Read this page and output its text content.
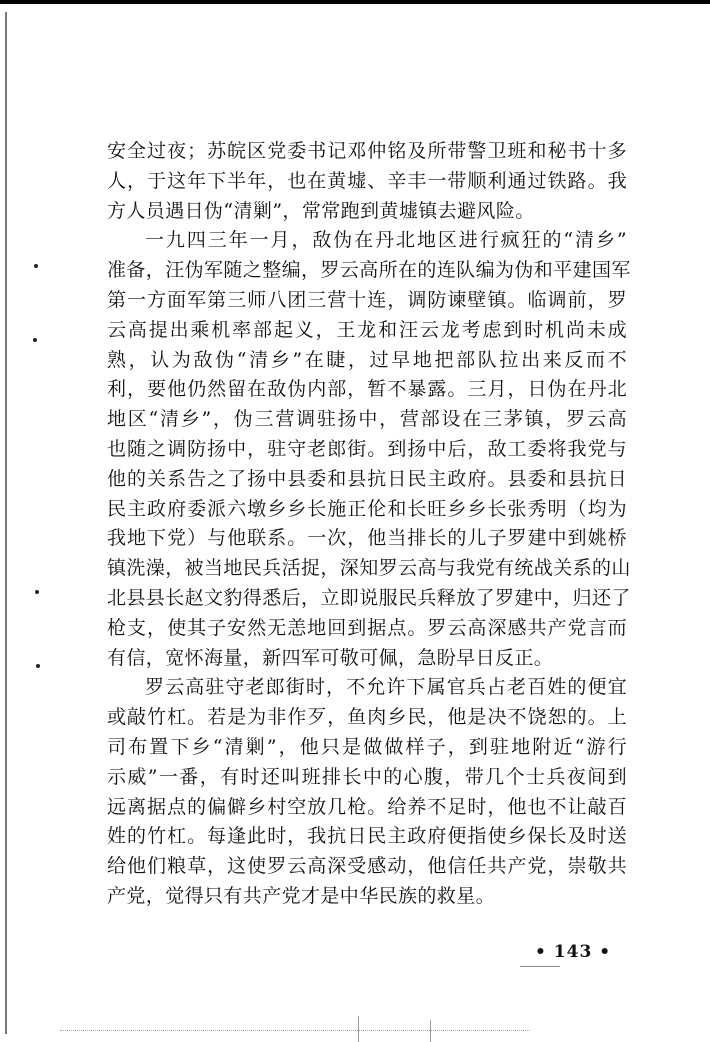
安全过夜；苏皖区党委书记邓仲铭及所带警卫班和秘书十多
人，于这年下半年，也在黄墟、辛丰一带顺利通过铁路。我
方人员遇日伪“清剿”，常常跑到黄墟镇去避风险。
一九四三年一月，敌伪在丹北地区进行疯狂的“清乡”
准备，汪伪军随之整编，罗云高所在的连队编为伪和平建国军
第一方面军第三师八团三营十连，调防谏壁镇。临调前，罗
云高提出乘机率部起义，王龙和汪云龙考虑到时机尚未成
熟，认为敌伪“清乡”在睫，过早地把部队拉出来反而不
利，要他仍然留在敌伪内部，暂不暴露。三月，日伪在丹北
地区“清乡”，伪三营调驻扬中，营部设在三茅镇，罗云高
也随之调防扬中，驻守老郎街。到扬中后，敌工委将我党与
他的关系告之了扬中县委和县抗日民主政府。县委和县抗日
民主政府委派六墩乡乡长施正伦和长旺乡乡长张秀明（均为
我地下党）与他联系。一次，他当排长的儿子罗建中到姚桥
镇洗澡，被当地民兵活捉，深知罗云高与我党有统战关系的山
北县县长赵文豹得悉后，立即说服民兵释放了罗建中，归还了
枪支，使其子安然无恙地回到据点。罗云高深感共产党言而
有信，宽怀海量，新四军可敬可佩，急盼早日反正。
罗云高驻守老郎街时，不允许下属官兵占老百姓的便宜
或敲竹杠。若是为非作歹，鱼肉乡民，他是决不饶恕的。上
司布置下乡“清剿”，他只是做做样子，到驻地附近“游行
示威”一番，有时还叫班排长中的心腹，带几个士兵夜间到
远离据点的偏僻乡村空放几枪。给养不足时，他也不让敲百
姓的竹杠。每逢此时，我抗日民主政府便指使乡保长及时送
给他们粮草，这使罗云高深受感动，他信任共产党，崇敬共
产党，觉得只有共产党才是中华民族的救星。
• 143 •
